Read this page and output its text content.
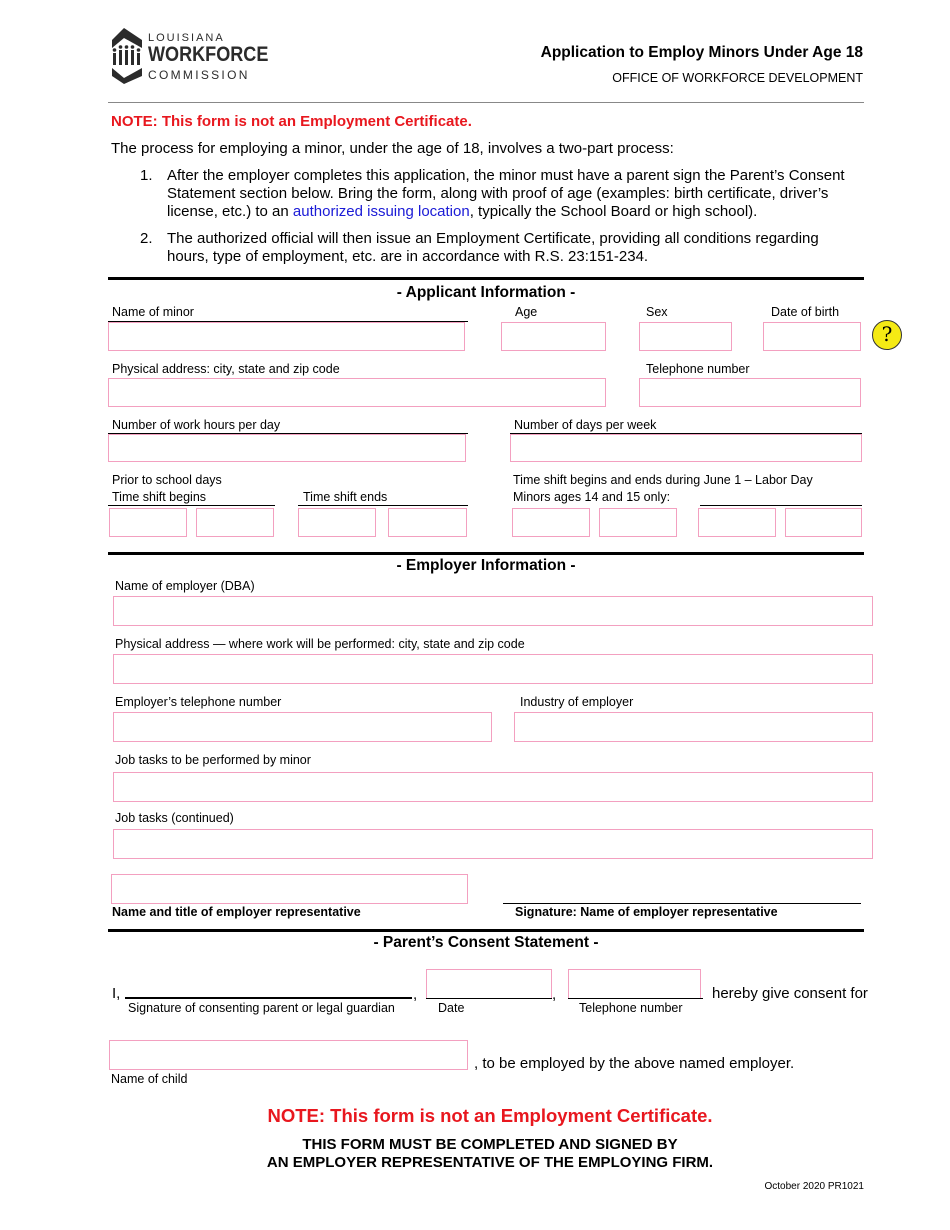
LOUISIANA
WORKFORCE
COMMISSION
Application to Employ Minors Under Age 18
OFFICE OF WORKFORCE DEVELOPMENT
NOTE: This form is not an Employment Certificate.
The process for employing a minor, under the age of 18, involves a two-part process:
1. After the employer completes this application, the minor must have a parent sign the Parent’s Consent Statement section below. Bring the form, along with proof of age (examples: birth certificate, driver’s license, etc.) to an authorized issuing location, typically the School Board or high school).
2. The authorized official will then issue an Employment Certificate, providing all conditions regarding hours, type of employment, etc. are in accordance with R.S. 23:151-234.
- Applicant Information -
Name of minor	Age	Sex	Date of birth
?
Physical address: city, state and zip code	Telephone number
Number of work hours per day	Number of days per week
Prior to school days
Time shift begins	Time shift ends
Time shift begins and ends during June 1 – Labor Day
Minors ages 14 and 15 only:
- Employer Information -
Name of employer (DBA)
Physical address — where work will be performed: city, state and zip code
Employer’s telephone number	Industry of employer
Job tasks to be performed by minor
Job tasks (continued)
Name and title of employer representative	Signature: Name of employer representative
- Parent’s Consent Statement -
I,	,	,	hereby give consent for
Signature of consenting parent or legal guardian	Date	Telephone number
, to be employed by the above named employer.
Name of child
NOTE: This form is not an Employment Certificate.
THIS FORM MUST BE COMPLETED AND SIGNED BY
AN EMPLOYER REPRESENTATIVE OF THE EMPLOYING FIRM.
October 2020 PR1021
